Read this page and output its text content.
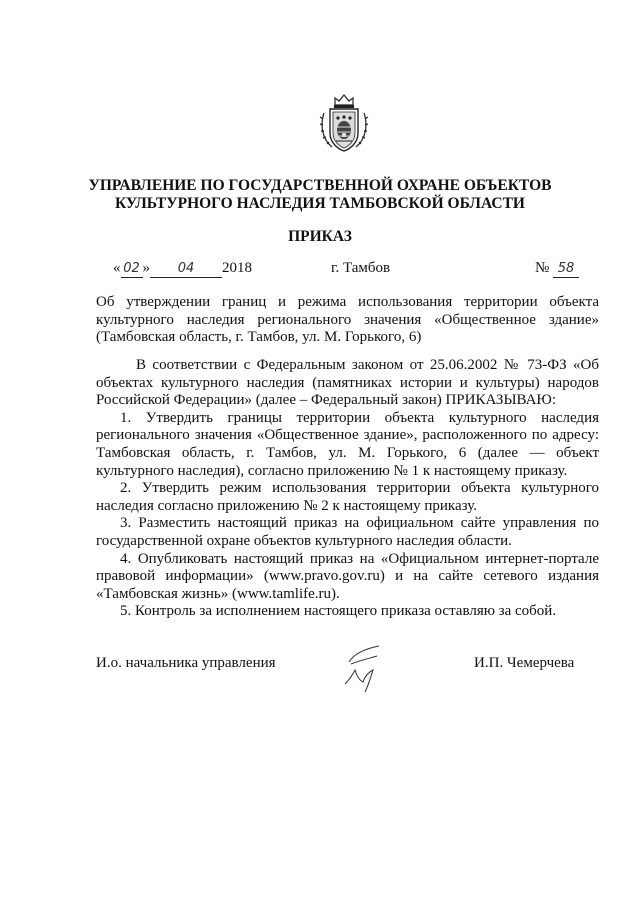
УПРАВЛЕНИЕ ПО ГОСУДАРСТВЕННОЙ ОХРАНЕ ОБЪЕКТОВ
КУЛЬТУРНОГО НАСЛЕДИЯ ТАМБОВСКОЙ ОБЛАСТИ
ПРИКАЗ
« 02 » 04 2018	г. Тамбов	№ 58

Об утверждении границ и режима использования территории объекта культурного наследия регионального значения «Общественное здание» (Тамбовская область, г. Тамбов, ул. М. Горького, 6)

В соответствии с Федеральным законом от 25.06.2002 № 73-ФЗ «Об объектах культурного наследия (памятниках истории и культуры) народов Российской Федерации» (далее – Федеральный закон) ПРИКАЗЫВАЮ:

1. Утвердить границы территории объекта культурного наследия регионального значения «Общественное здание», расположенного по адресу: Тамбовская область, г. Тамбов, ул. М. Горького, 6 (далее — объект культурного наследия), согласно приложению № 1 к настоящему приказу.

2. Утвердить режим использования территории объекта культурного наследия согласно приложению № 2 к настоящему приказу.

3. Разместить настоящий приказ на официальном сайте управления по государственной охране объектов культурного наследия области.

4. Опубликовать настоящий приказ на «Официальном интернет-портале правовой информации» (www.pravo.gov.ru) и на сайте сетевого издания «Тамбовская жизнь» (www.tamlife.ru).

5. Контроль за исполнением настоящего приказа оставляю за собой.

И.о. начальника управления	И.П. Чемерчева
